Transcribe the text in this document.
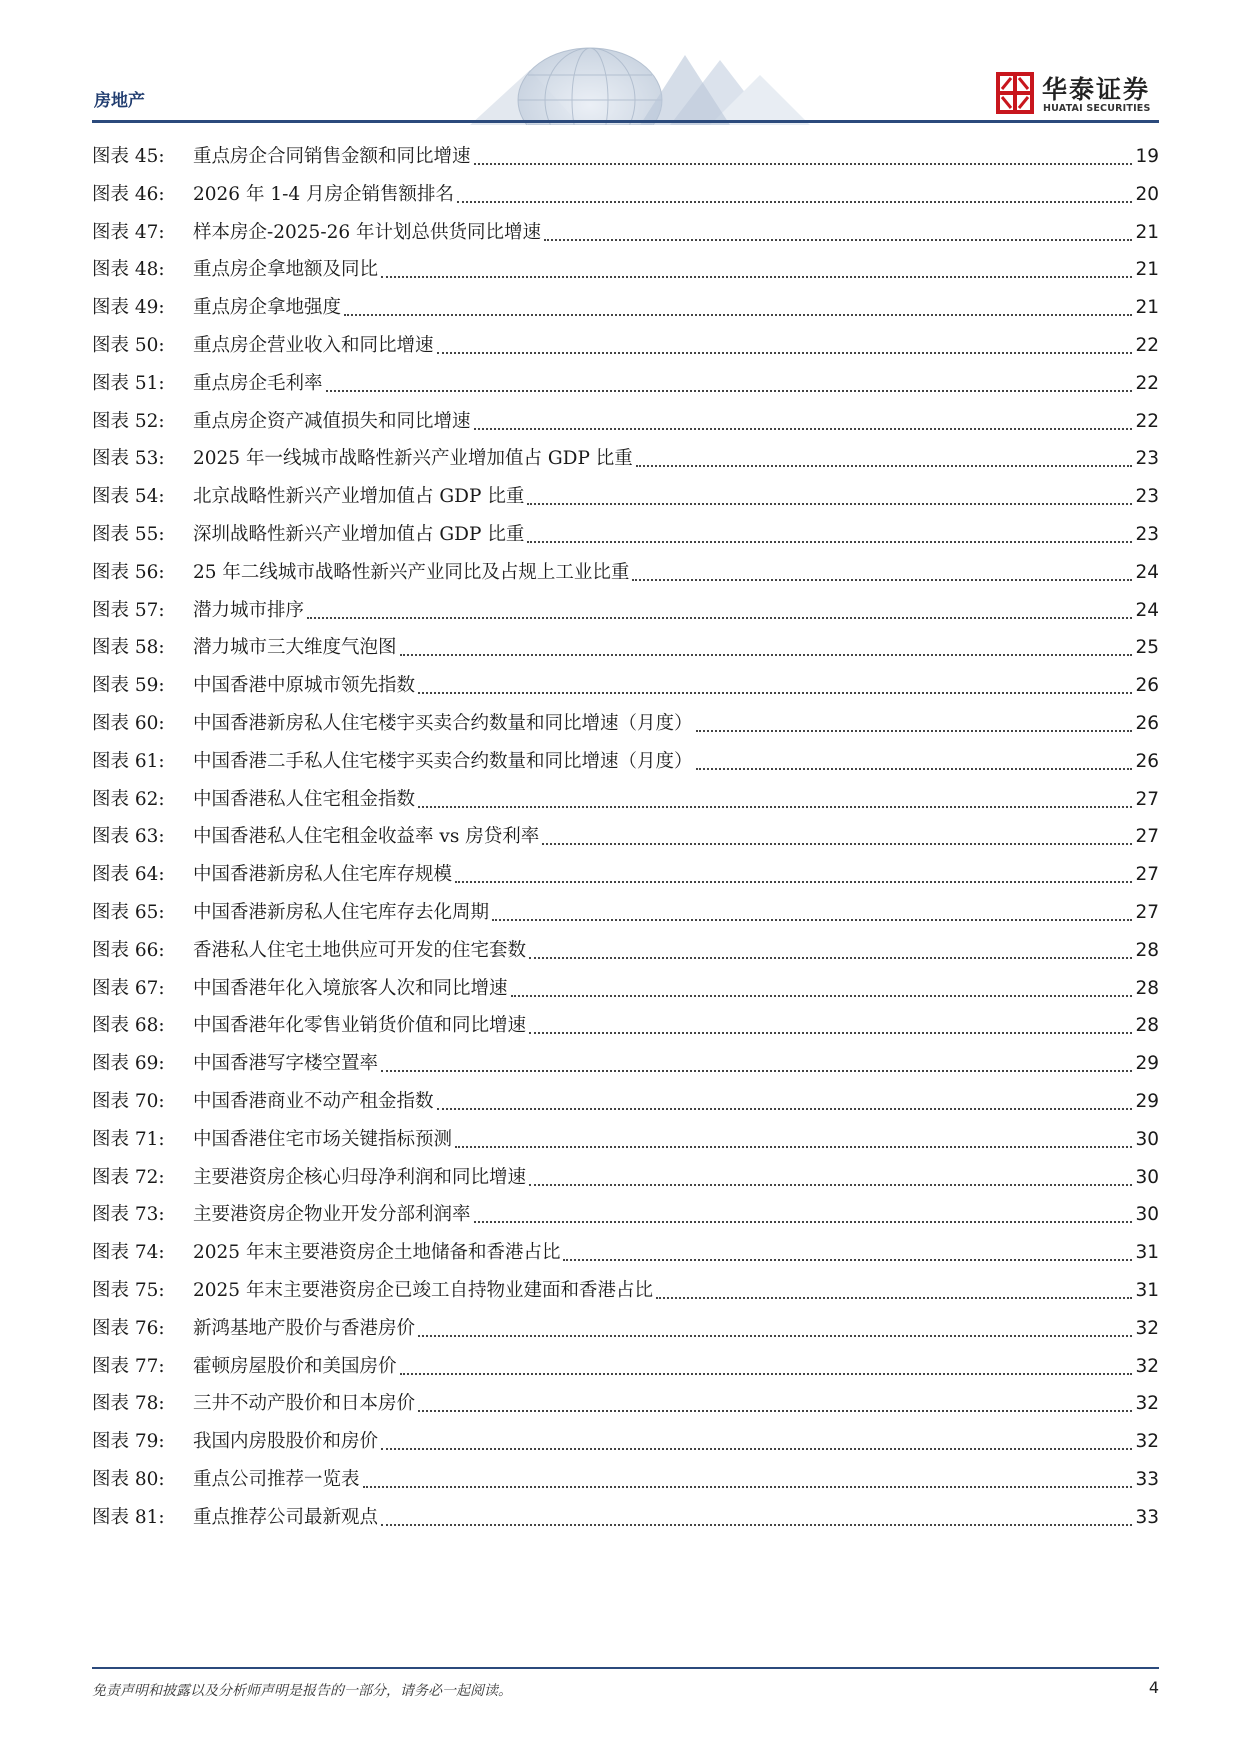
房地产	华泰证券
HUATAI SECURITIES
图表 45:	重点房企合同销售金额和同比增速	19
图表 46:	2026 年 1-4 月房企销售额排名	20
图表 47:	样本房企-2025-26 年计划总供货同比增速	21
图表 48:	重点房企拿地额及同比	21
图表 49:	重点房企拿地强度	21
图表 50:	重点房企营业收入和同比增速	22
图表 51:	重点房企毛利率	22
图表 52:	重点房企资产减值损失和同比增速	22
图表 53:	2025 年一线城市战略性新兴产业增加值占 GDP 比重	23
图表 54:	北京战略性新兴产业增加值占 GDP 比重	23
图表 55:	深圳战略性新兴产业增加值占 GDP 比重	23
图表 56:	25 年二线城市战略性新兴产业同比及占规上工业比重	24
图表 57:	潜力城市排序	24
图表 58:	潜力城市三大维度气泡图	25
图表 59:	中国香港中原城市领先指数	26
图表 60:	中国香港新房私人住宅楼宇买卖合约数量和同比增速（月度）	26
图表 61:	中国香港二手私人住宅楼宇买卖合约数量和同比增速（月度）	26
图表 62:	中国香港私人住宅租金指数	27
图表 63:	中国香港私人住宅租金收益率 vs 房贷利率	27
图表 64:	中国香港新房私人住宅库存规模	27
图表 65:	中国香港新房私人住宅库存去化周期	27
图表 66:	香港私人住宅土地供应可开发的住宅套数	28
图表 67:	中国香港年化入境旅客人次和同比增速	28
图表 68:	中国香港年化零售业销货价值和同比增速	28
图表 69:	中国香港写字楼空置率	29
图表 70:	中国香港商业不动产租金指数	29
图表 71:	中国香港住宅市场关键指标预测	30
图表 72:	主要港资房企核心归母净利润和同比增速	30
图表 73:	主要港资房企物业开发分部利润率	30
图表 74:	2025 年末主要港资房企土地储备和香港占比	31
图表 75:	2025 年末主要港资房企已竣工自持物业建面和香港占比	31
图表 76:	新鸿基地产股价与香港房价	32
图表 77:	霍顿房屋股价和美国房价	32
图表 78:	三井不动产股价和日本房价	32
图表 79:	我国内房股股价和房价	32
图表 80:	重点公司推荐一览表	33
图表 81:	重点推荐公司最新观点	33
免责声明和披露以及分析师声明是报告的一部分，请务必一起阅读。	4
